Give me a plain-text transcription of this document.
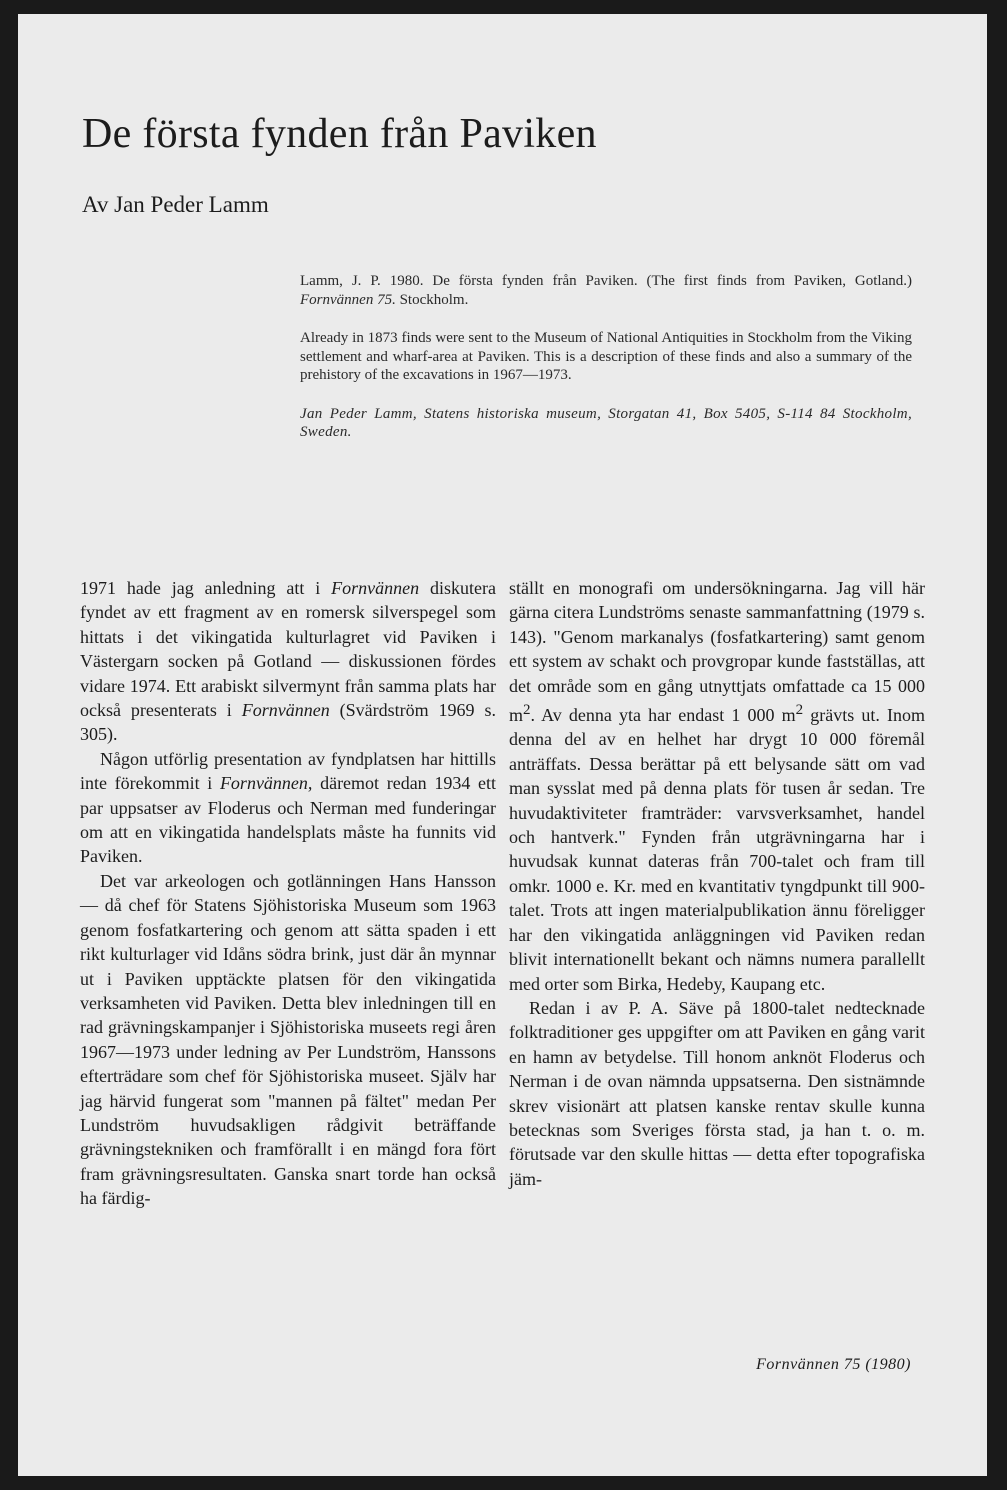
De första fynden från Paviken
Av Jan Peder Lamm

Lamm, J. P. 1980. De första fynden från Paviken. (The first finds from Paviken, Gotland.) Fornvännen 75. Stockholm.

Already in 1873 finds were sent to the Museum of National Antiquities in Stockholm from the Viking settlement and wharf-area at Paviken. This is a description of these finds and also a summary of the prehistory of the excavations in 1967—1973.

Jan Peder Lamm, Statens historiska museum, Storgatan 41, Box 5405, S-114 84 Stockholm, Sweden.

1971 hade jag anledning att i Fornvännen diskutera fyndet av ett fragment av en romersk silverspegel som hittats i det vikingatida kulturlagret vid Paviken i Västergarn socken på Gotland — diskussionen fördes vidare 1974. Ett arabiskt silvermynt från samma plats har också presenterats i Fornvännen (Svärdström 1969 s. 305).

Någon utförlig presentation av fyndplatsen har hittills inte förekommit i Fornvännen, däremot redan 1934 ett par uppsatser av Floderus och Nerman med funderingar om att en vikingatida handelsplats måste ha funnits vid Paviken.

Det var arkeologen och gotlänningen Hans Hansson — då chef för Statens Sjöhistoriska Museum som 1963 genom fosfatkartering och genom att sätta spaden i ett rikt kulturlager vid Idåns södra brink, just där ån mynnar ut i Paviken upptäckte platsen för den vikingatida verksamheten vid Paviken. Detta blev inledningen till en rad grävningskampanjer i Sjöhistoriska museets regi åren 1967—1973 under ledning av Per Lundström, Hanssons efterträdare som chef för Sjöhistoriska museet. Själv har jag härvid fungerat som "mannen på fältet" medan Per Lundström huvudsakligen rådgivit beträffande grävningstekniken och framförallt i en mängd fora fört fram grävningsresultaten. Ganska snart torde han också ha färdig-

ställt en monografi om undersökningarna. Jag vill här gärna citera Lundströms senaste sammanfattning (1979 s. 143). "Genom markanalys (fosfatkartering) samt genom ett system av schakt och provgropar kunde fastställas, att det område som en gång utnyttjats omfattade ca 15 000 $m^2$. Av denna yta har endast 1 000 $m^2$ grävts ut. Inom denna del av en helhet har drygt 10 000 föremål anträffats. Dessa berättar på ett belysande sätt om vad man sysslat med på denna plats för tusen år sedan. Tre huvudaktiviteter framträder: varvsverksamhet, handel och hantverk." Fynden från utgrävningarna har i huvudsak kunnat dateras från 700-talet och fram till omkr. 1000 e. Kr. med en kvantitativ tyngdpunkt till 900-talet. Trots att ingen materialpublikation ännu föreligger har den vikingatida anläggningen vid Paviken redan blivit internationellt bekant och nämns numera parallellt med orter som Birka, Hedeby, Kaupang etc.

Redan i av P. A. Säve på 1800-talet nedtecknade folktraditioner ges uppgifter om att Paviken en gång varit en hamn av betydelse. Till honom anknöt Floderus och Nerman i de ovan nämnda uppsatserna. Den sistnämnde skrev visionärt att platsen kanske rentav skulle kunna betecknas som Sveriges första stad, ja han t. o. m. förutsade var den skulle hittas — detta efter topografiska jäm-

Fornvännen 75 (1980)
